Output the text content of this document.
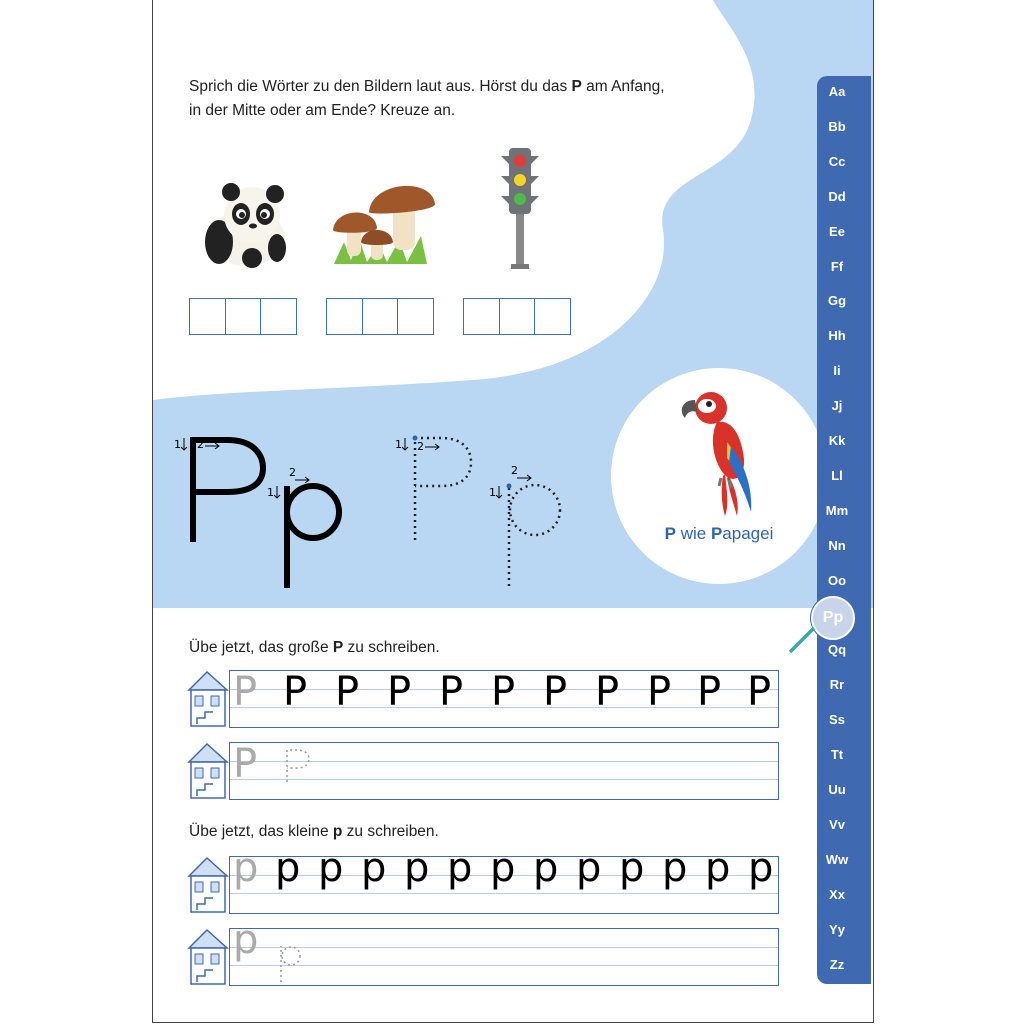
Sprich die Wörter zu den Bildern laut aus. Hörst du das P am Anfang,
in der Mitte oder am Ende? Kreuze an.
1 2
1
2
1 2
1
2
P wie Papagei
Übe jetzt, das große P zu schreiben.
Übe jetzt, das kleine p zu schreiben.
P P P P P P P P P P P
P
p p p p p p p p p p p p p
p
Aa
Bb
Cc
Dd
Ee
Ff
Gg
Hh
Ii
Jj
Kk
Ll
Mm
Nn
Oo
Qq
Rr
Ss
Tt
Uu
Vv
Ww
Xx
Yy
Zz
Pp
